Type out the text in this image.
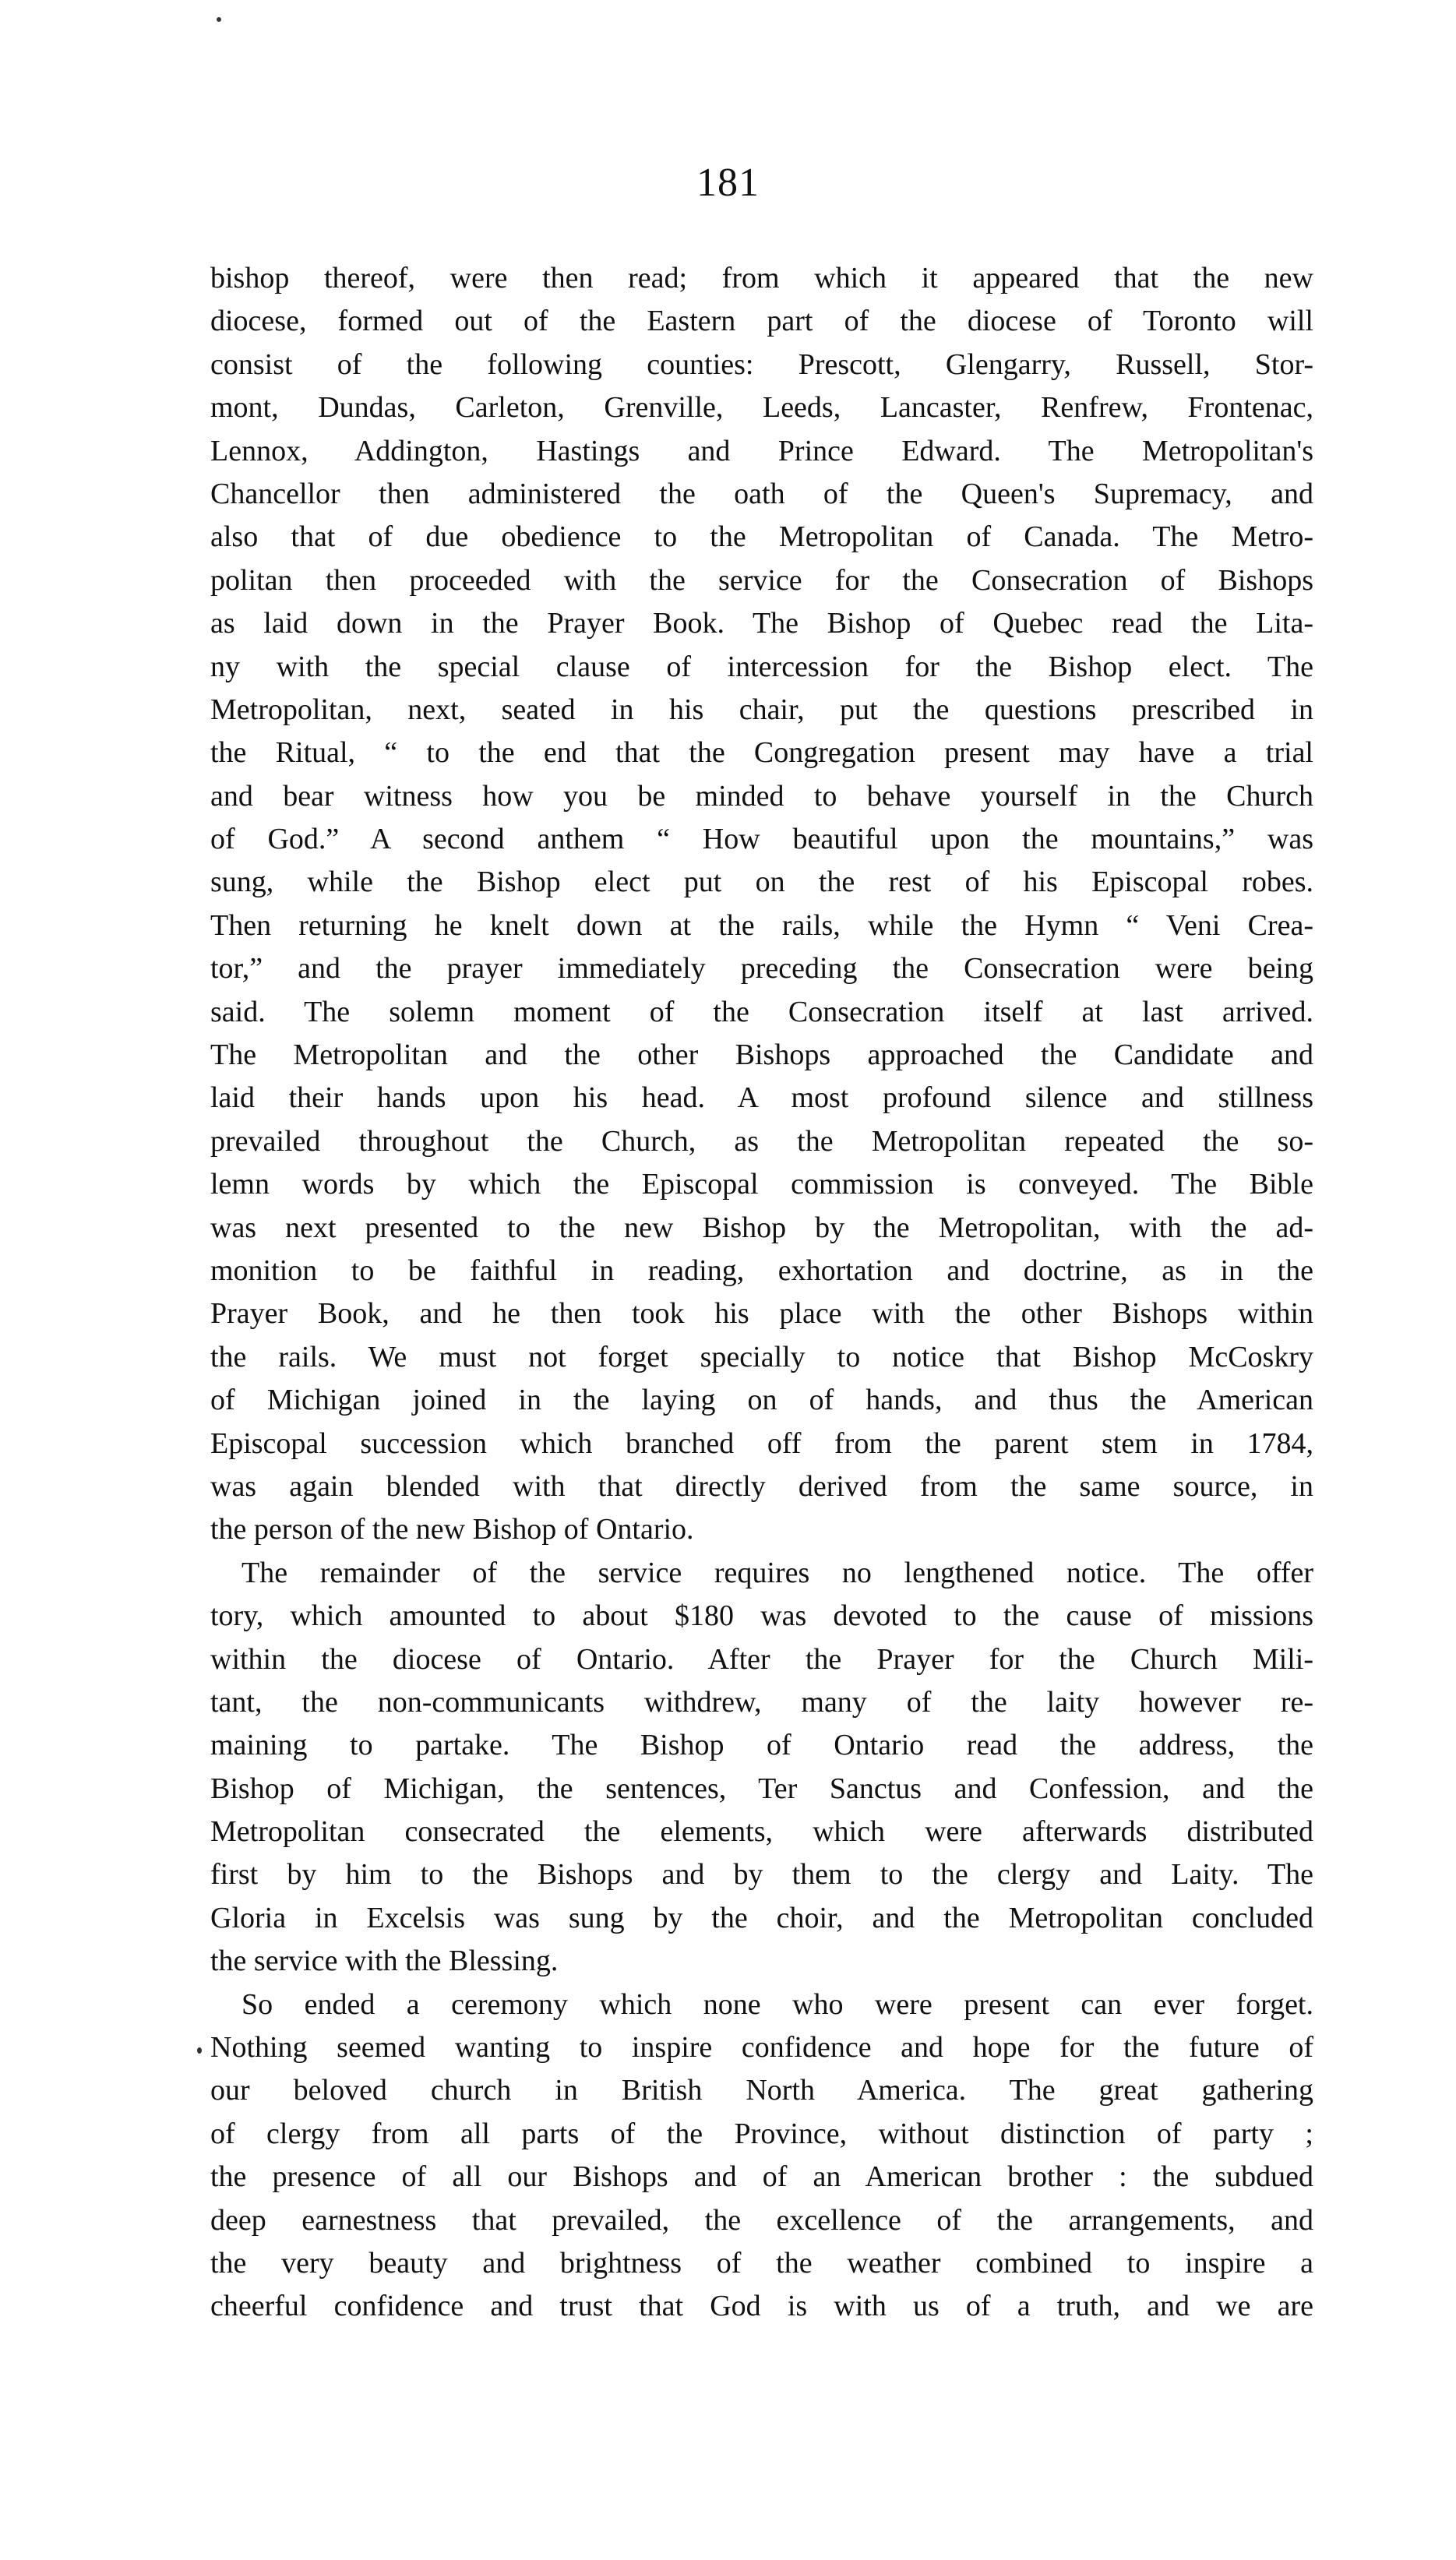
181
bishop thereof, were then read; from which it appeared that the new
diocese, formed out of the Eastern part of the diocese of Toronto will
consist of the following counties: Prescott, Glengarry, Russell, Stor-
mont, Dundas, Carleton, Grenville, Leeds, Lancaster, Renfrew, Frontenac,
Lennox, Addington, Hastings and Prince Edward. The Metropolitan's
Chancellor then administered the oath of the Queen's Supremacy, and
also that of due obedience to the Metropolitan of Canada. The Metro-
politan then proceeded with the service for the Consecration of Bishops
as laid down in the Prayer Book. The Bishop of Quebec read the Lita-
ny with the special clause of intercession for the Bishop elect. The
Metropolitan, next, seated in his chair, put the questions prescribed in
the Ritual, “ to the end that the Congregation present may have a trial
and bear witness how you be minded to behave yourself in the Church
of God.” A second anthem “ How beautiful upon the mountains,” was
sung, while the Bishop elect put on the rest of his Episcopal robes.
Then returning he knelt down at the rails, while the Hymn “ Veni Crea-
tor,” and the prayer immediately preceding the Consecration were being
said. The solemn moment of the Consecration itself at last arrived.
The Metropolitan and the other Bishops approached the Candidate and
laid their hands upon his head. A most profound silence and stillness
prevailed throughout the Church, as the Metropolitan repeated the so-
lemn words by which the Episcopal commission is conveyed. The Bible
was next presented to the new Bishop by the Metropolitan, with the ad-
monition to be faithful in reading, exhortation and doctrine, as in the
Prayer Book, and he then took his place with the other Bishops within
the rails. We must not forget specially to notice that Bishop McCoskry
of Michigan joined in the laying on of hands, and thus the American
Episcopal succession which branched off from the parent stem in 1784,
was again blended with that directly derived from the same source, in
the person of the new Bishop of Ontario.
The remainder of the service requires no lengthened notice. The offer
tory, which amounted to about $180 was devoted to the cause of missions
within the diocese of Ontario. After the Prayer for the Church Mili-
tant, the non-communicants withdrew, many of the laity however re-
maining to partake. The Bishop of Ontario read the address, the
Bishop of Michigan, the sentences, Ter Sanctus and Confession, and the
Metropolitan consecrated the elements, which were afterwards distributed
first by him to the Bishops and by them to the clergy and Laity. The
Gloria in Excelsis was sung by the choir, and the Metropolitan concluded
the service with the Blessing.
So ended a ceremony which none who were present can ever forget.
Nothing seemed wanting to inspire confidence and hope for the future of
our beloved church in British North America. The great gathering
of clergy from all parts of the Province, without distinction of party ;
the presence of all our Bishops and of an American brother : the subdued
deep earnestness that prevailed, the excellence of the arrangements, and
the very beauty and brightness of the weather combined to inspire a
cheerful confidence and trust that God is with us of a truth, and we are
